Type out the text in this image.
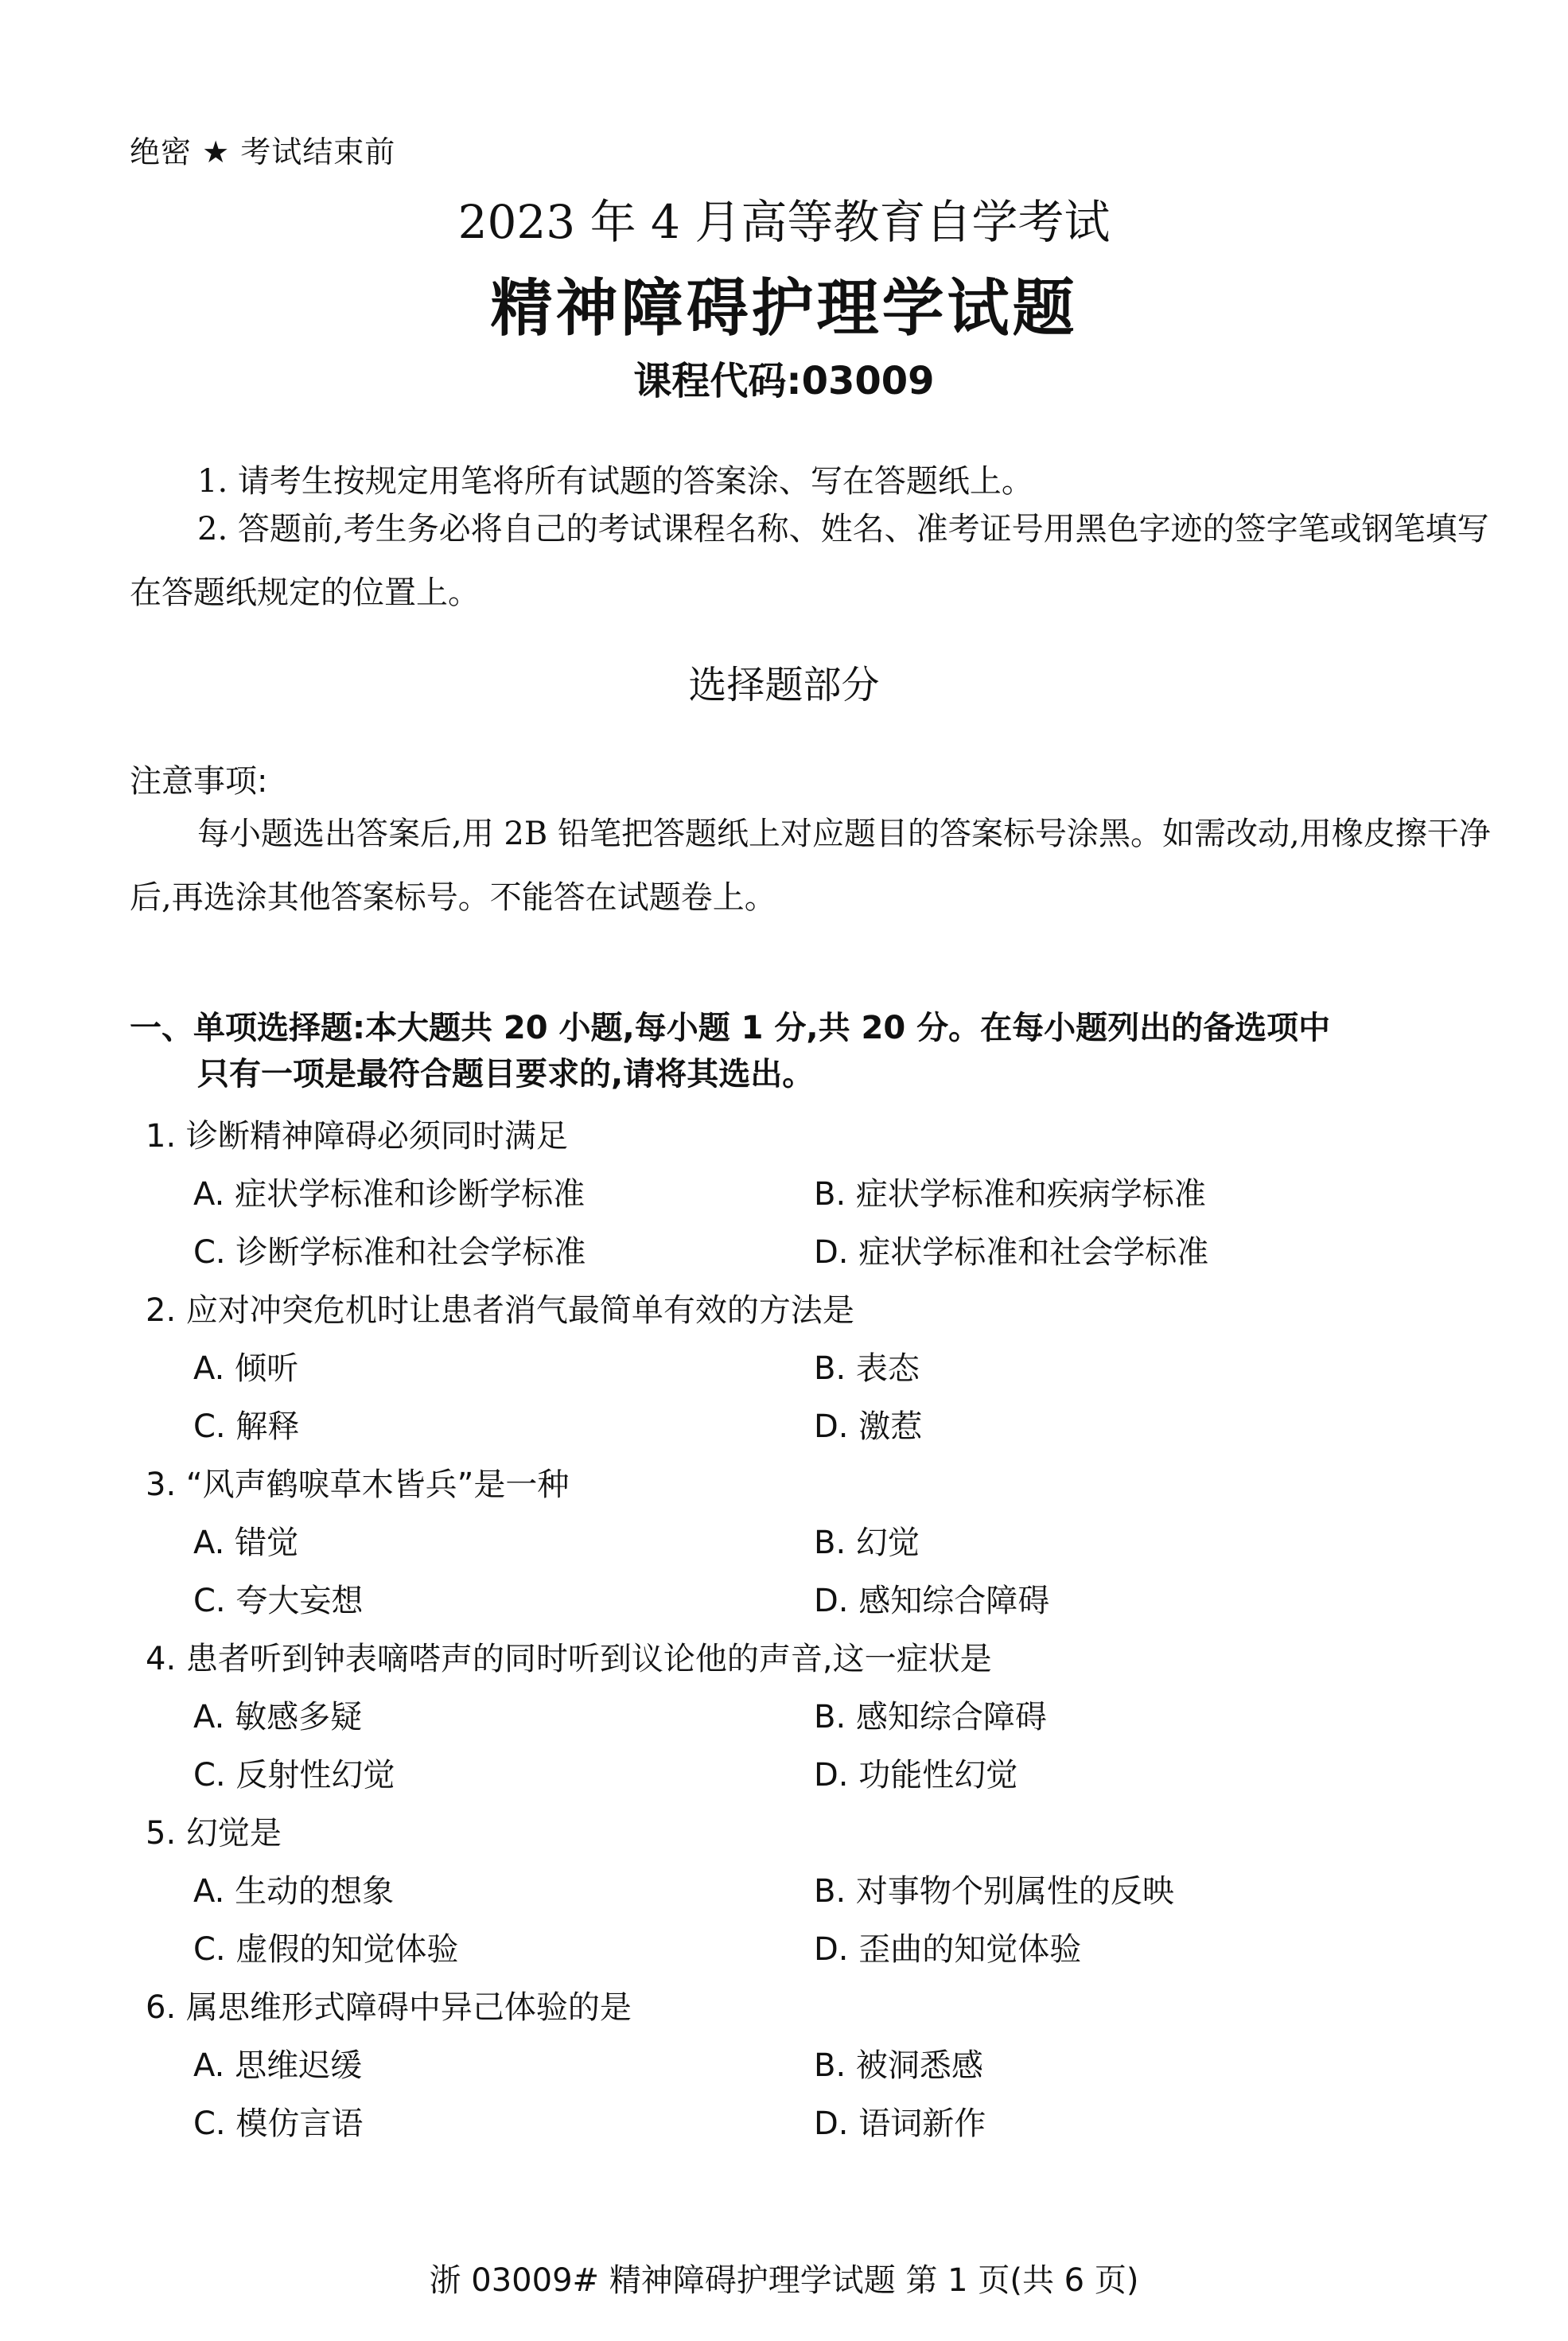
绝密 ★ 考试结束前
2023 年 4 月高等教育自学考试
精神障碍护理学试题
课程代码:03009
1. 请考生按规定用笔将所有试题的答案涂、写在答题纸上。
2. 答题前,考生务必将自己的考试课程名称、姓名、准考证号用黑色字迹的签字笔或钢笔填写在答题纸规定的位置上。
选择题部分
注意事项:
每小题选出答案后,用 2B 铅笔把答题纸上对应题目的答案标号涂黑。如需改动,用橡皮擦干净后,再选涂其他答案标号。不能答在试题卷上。
一、单项选择题:本大题共 20 小题,每小题 1 分,共 20 分。在每小题列出的备选项中
只有一项是最符合题目要求的,请将其选出。
1. 诊断精神障碍必须同时满足
A. 症状学标准和诊断学标准	B. 症状学标准和疾病学标准
C. 诊断学标准和社会学标准	D. 症状学标准和社会学标准
2. 应对冲突危机时让患者消气最简单有效的方法是
A. 倾听	B. 表态
C. 解释	D. 激惹
3. “风声鹤唳草木皆兵”是一种
A. 错觉	B. 幻觉
C. 夸大妄想	D. 感知综合障碍
4. 患者听到钟表嘀嗒声的同时听到议论他的声音,这一症状是
A. 敏感多疑	B. 感知综合障碍
C. 反射性幻觉	D. 功能性幻觉
5. 幻觉是
A. 生动的想象	B. 对事物个别属性的反映
C. 虚假的知觉体验	D. 歪曲的知觉体验
6. 属思维形式障碍中异己体验的是
A. 思维迟缓	B. 被洞悉感
C. 模仿言语	D. 语词新作
浙 03009# 精神障碍护理学试题 第 1 页(共 6 页)
